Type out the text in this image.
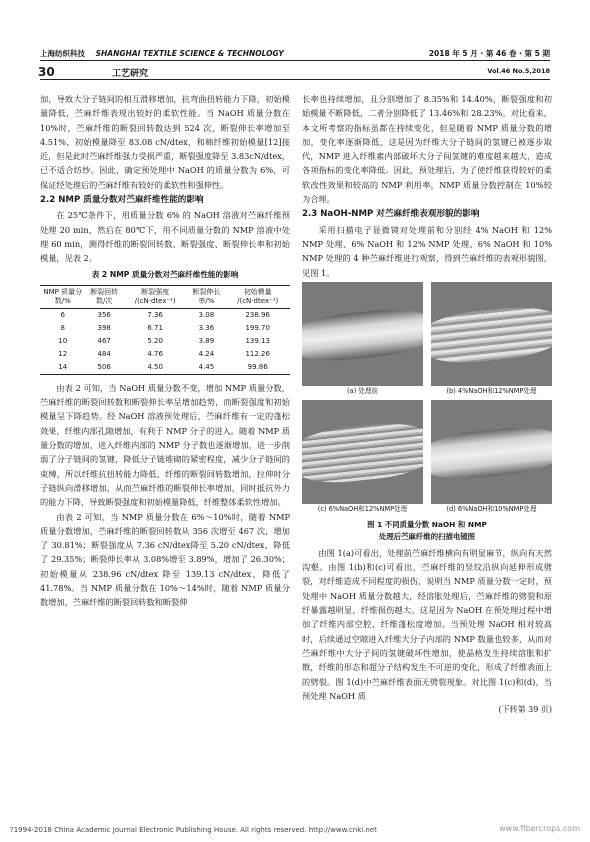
上海纺织科技 SHANGHAI TEXTILE SCIENCE & TECHNOLOGY	2018 年 5 月 · 第 46 卷 · 第 5 期
30	工艺研究	Vol.46 No.5,2018

加，导致大分子链间的相互滑移增加，抗弯曲扭转能力下降，初始模量降低，苎麻纤维表现出较好的柔软性能。当 NaOH 质量分数在 10%时，苎麻纤维的断裂回转数达到 524 次，断裂伸长率增加至 4.51%，初始模量降至 83.08 cN/dtex，和棉纤维初始模量[12]接近，但是此时苎麻纤维强力受损严重，断裂强度降至 3.83cN/dtex，已不适合纺纱。因此，确定预处理中 NaOH 的质量分数为 6%，可保证经处理后的苎麻纤维有较好的柔软性和强伸性。

2.2 NMP 质量分数对苎麻纤维性能的影响

在 25℃条件下，用质量分数 6% 的 NaOH 溶液对苎麻纤维预处理 20 min，然后在 80℃下，用不同质量分数的 NMP 溶液中处理 60 min，测得纤维的断裂回转数、断裂强度、断裂伸长率和初始模量，见表 2。

表 2 NMP 质量分数对苎麻纤维性能的影响
NMP 质量分数/%	断裂回转数/次	断裂强度 /(cN·dtex⁻¹)	断裂伸长率/%	初始模量 /(cN·dtex⁻¹)
6	356	7.36	3.08	238.96
8	398	6.71	3.36	199.70
10	467	5.20	3.89	139.13
12	484	4.76	4.24	112.26
14	506	4.50	4.45	99.86

由表 2 可知，当 NaOH 质量分数不变，增加 NMP 质量分数，苎麻纤维的断裂回转数和断裂伸长率呈增加趋势，而断裂强度和初始模量呈下降趋势。经 NaOH 溶液预处理后，苎麻纤维有一定的蓬松效果，纤维内部孔隙增加，有利于 NMP 分子的进入。随着 NMP 质量分数的增加，进入纤维内部的 NMP 分子数也逐渐增加，进一步削弱了分子链间的氢键，降低分子链堆砌的紧密程度，减少分子链间的束缚，所以纤维抗扭转能力降低，纤维的断裂回转数增加，拉伸时分子链纵向滑移增加，从而苎麻纤维的断裂伸长率增加，同时抵抗外力的能力下降，导致断裂强度和初始模量降低，纤维整体柔软性增加。

由表 2 可知，当 NMP 质量分数在 6%～10%时，随着 NMP 质量分数增加，苎麻纤维的断裂回转数从 356 次增至 467 次，增加了 30.81%；断裂强度从 7.36 cN/dtex降至 5.20 cN/dtex，降低了 29.35%；断裂伸长率从 3.08%增至 3.89%，增加了 26.30%；初始模量从 238.96 cN/dtex 降至 139.13 cN/dtex，降低了 41.78%。当 NMP 质量分数在 10%～14%时，随着 NMP 质量分数增加，苎麻纤维的断裂回转数和断裂伸

长率也持续增加，且分别增加了 8.35%和 14.40%，断裂强度和初始模量不断降低，二者分别降低了 13.46%和 28.23%。对比看来，本文所考察的指标虽都在持续变化，但是随着 NMP 质量分数的增加，变化率逐渐降低，这是因为纤维大分子链间的氢键已被逐步取代，NMP 进入纤维素内部破坏大分子间氢键的难度越来越大，造成各项指标的变化率降低。因此，预处理后，为了使纤维获得较好的柔软改性效果和较高的 NMP 利用率，NMP 质量分数控制在 10%较为合理。

2.3 NaOH-NMP 对苎麻纤维表观形貌的影响

采用扫描电子显微镜对处理前和分别经 4% NaOH 和 12% NMP 处理、6% NaOH 和 12% NMP 处理、6% NaOH 和 10% NMP 处理的 4 种苎麻纤维进行观察，得到苎麻纤维的表观形貌图，见图 1。

(a) 处理前	(b) 4%NaOH和12%NMP处理
(c) 6%NaOH和12%NMP处理	(d) 6%NaOH和10%NMP处理
图 1 不同质量分数 NaOH 和 NMP
处理后苎麻纤维的扫描电镜图

由图 1(a)可看出，处理前苎麻纤维横向有明显麻节，纵向有天然沟壑。由图 1(b)和(c)可看出，苎麻纤维的竖纹沿纵向延伸形成劈裂，对纤维造成不同程度的损伤，说明当 NMP 质量分数一定时，预处理中 NaOH 质量分数越大，经溶胀处理后，苎麻纤维的劈裂和原纤暴露越明显，纤维损伤越大。这是因为 NaOH 在预处理过程中增加了纤维内部空腔，纤维蓬松度增加。当预处理 NaOH 相对较高时，后续通过空隙进入纤维大分子内部的 NMP 数量也较多，从而对苎麻纤维中大分子间的氢键破坏性增加，使晶格发生持续溶胀和扩散，纤维的形态和超分子结构发生不可逆的变化，形成了纤维表面上的劈裂。图 1(d)中苎麻纤维表面无劈裂现象。对比图 1(c)和(d)，当预处理 NaOH 质

(下转第 39 页)

?1994-2018 China Academic Journal Electronic Publishing House. All rights reserved. http://www.cnki.net	www.fibercrops.com
